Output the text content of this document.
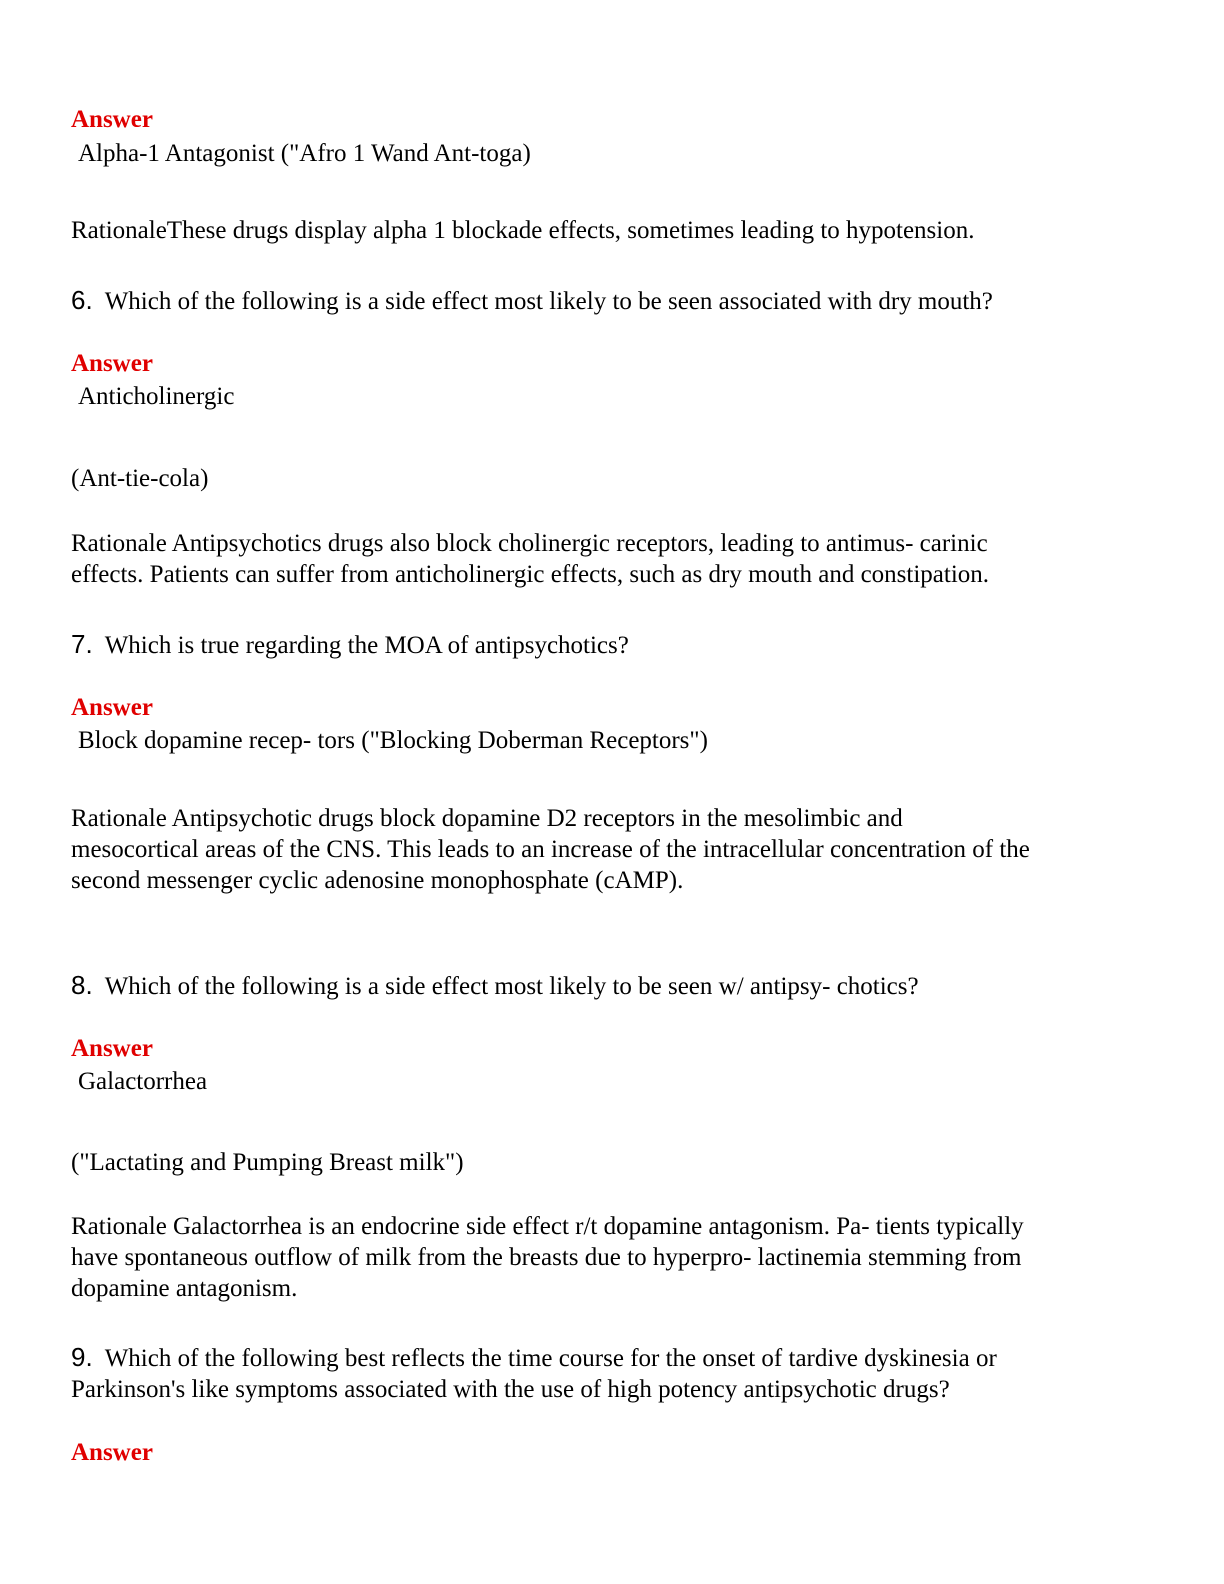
Answer
Alpha-1 Antagonist ("Afro 1 Wand Ant-toga)
RationaleThese drugs display alpha 1 blockade effects, sometimes leading to hypotension.
6. Which of the following is a side effect most likely to be seen associated with dry mouth?
Answer
Anticholinergic
(Ant-tie-cola)
Rationale Antipsychotics drugs also block cholinergic receptors, leading to antimus- carinic
effects. Patients can suffer from anticholinergic effects, such as dry mouth and constipation.
7. Which is true regarding the MOA of antipsychotics?
Answer
Block dopamine recep- tors ("Blocking Doberman Receptors")
Rationale Antipsychotic drugs block dopamine D2 receptors in the mesolimbic and
mesocortical areas of the CNS. This leads to an increase of the intracellular concentration of the
second messenger cyclic adenosine monophosphate (cAMP).
8. Which of the following is a side effect most likely to be seen w/ antipsy- chotics?
Answer
Galactorrhea
("Lactating and Pumping Breast milk")
Rationale Galactorrhea is an endocrine side effect r/t dopamine antagonism. Pa- tients typically
have spontaneous outflow of milk from the breasts due to hyperpro- lactinemia stemming from
dopamine antagonism.
9. Which of the following best reflects the time course for the onset of tardive dyskinesia or
Parkinson's like symptoms associated with the use of high potency antipsychotic drugs?
Answer
